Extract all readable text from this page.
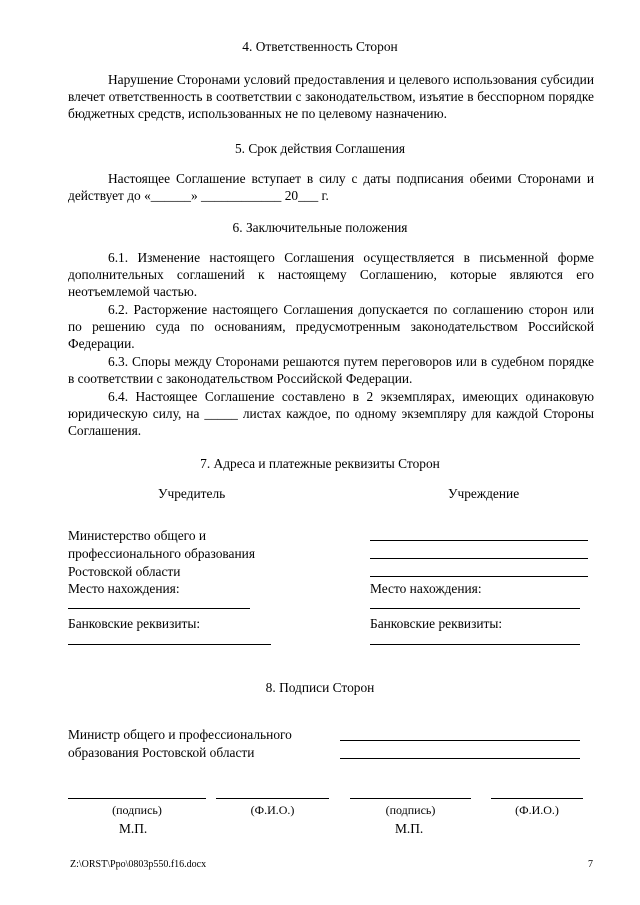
4. Ответственность Сторон
Нарушение Сторонами условий предоставления и целевого использования субсидии влечет ответственность в соответствии с законодательством, изъятие в бесспорном порядке бюджетных средств, использованных не по целевому назначению.
5. Срок действия Соглашения
Настоящее Соглашение вступает в силу с даты подписания обеими Сторонами и действует до «______» ____________ 20___ г.
6. Заключительные положения
6.1. Изменение настоящего Соглашения осуществляется в письменной форме дополнительных соглашений к настоящему Соглашению, которые являются его неотъемлемой частью.
6.2. Расторжение настоящего Соглашения допускается по соглашению сторон или по решению суда по основаниям, предусмотренным законодательством Российской Федерации.
6.3. Споры между Сторонами решаются путем переговоров или в судебном порядке в соответствии с законодательством Российской Федерации.
6.4. Настоящее Соглашение составлено в 2 экземплярах, имеющих одинаковую юридическую силу, на _____ листах каждое, по одному экземпляру для каждой Стороны Соглашения.
7. Адреса и платежные реквизиты Сторон
Учредитель	Учреждение
Министерство общего и
профессионального образования
Ростовской области
Место нахождения:	Место нахождения:
Банковские реквизиты:	Банковские реквизиты:
8. Подписи Сторон
Министр общего и профессионального
образования Ростовской области
(подпись)	(Ф.И.О.)	(подпись)	(Ф.И.О.)
М.П.	М.П.
Z:\ORST\Ppo\0803p550.f16.docx	7
